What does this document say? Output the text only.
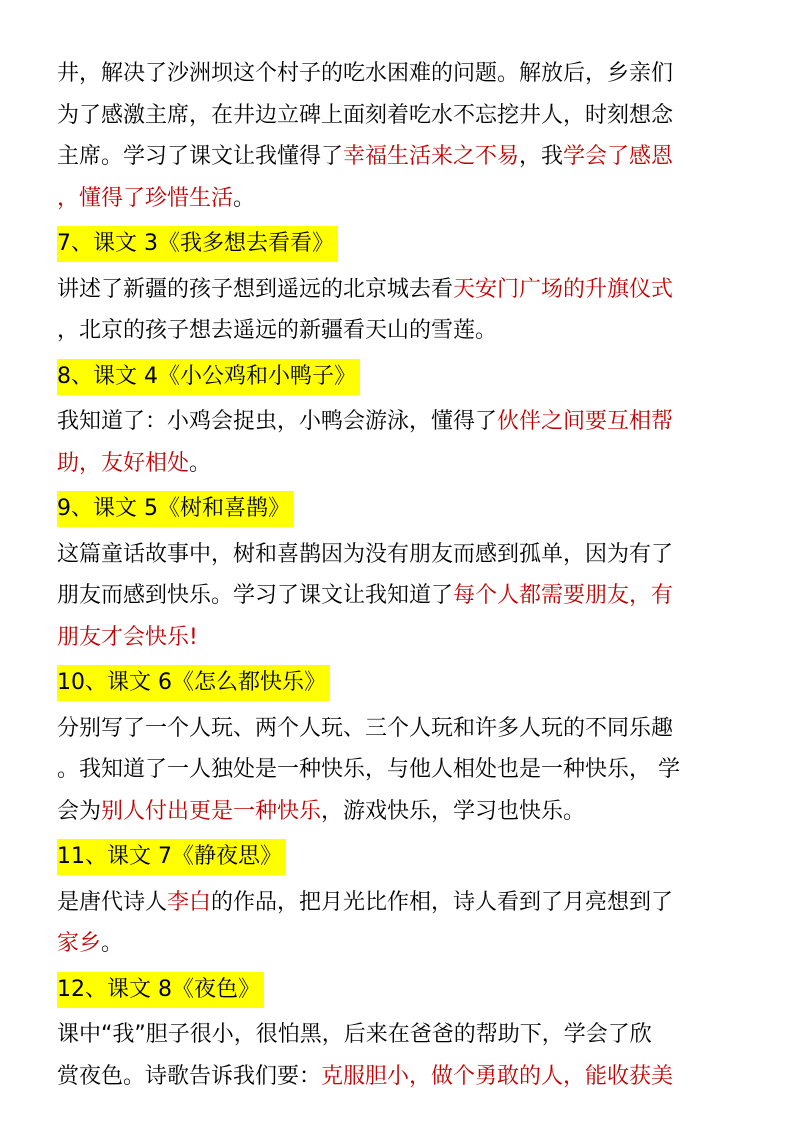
井，解决了沙洲坝这个村子的吃水困难的问题。解放后，乡亲们

为了感激主席，在井边立碑上面刻着吃水不忘挖井人，时刻想念

主席。学习了课文让我懂得了幸福生活来之不易，我学会了感恩

，懂得了珍惜生活。

7、课文 3《我多想去看看》

讲述了新疆的孩子想到遥远的北京城去看天安门广场的升旗仪式

，北京的孩子想去遥远的新疆看天山的雪莲。

8、课文 4《小公鸡和小鸭子》

我知道了：小鸡会捉虫，小鸭会游泳，懂得了伙伴之间要互相帮

助，友好相处。

9、课文 5《树和喜鹊》

这篇童话故事中，树和喜鹊因为没有朋友而感到孤单，因为有了

朋友而感到快乐。学习了课文让我知道了每个人都需要朋友，有

朋友才会快乐!

10、课文 6《怎么都快乐》

分别写了一个人玩、两个人玩、三个人玩和许多人玩的不同乐趣

。我知道了一人独处是一种快乐，与他人相处也是一种快乐， 学

会为别人付出更是一种快乐，游戏快乐，学习也快乐。

11、课文 7《静夜思》

是唐代诗人李白的作品，把月光比作相，诗人看到了月亮想到了

家乡。

12、课文 8《夜色》

课中“我”胆子很小，很怕黑，后来在爸爸的帮助下，学会了欣

赏夜色。诗歌告诉我们要：克服胆小，做个勇敢的人，能收获美
